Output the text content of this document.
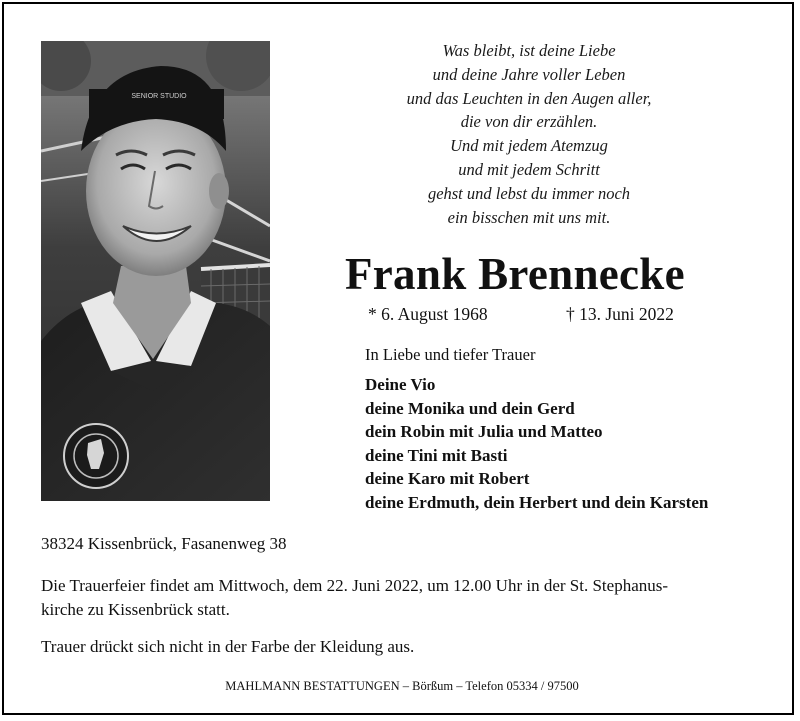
SENIOR STUDIO
Was bleibt, ist deine Liebe
und deine Jahre voller Leben
und das Leuchten in den Augen aller,
die von dir erzählen.
Und mit jedem Atemzug
und mit jedem Schritt
gehst und lebst du immer noch
ein bisschen mit uns mit.
Frank Brennecke
* 6. August 1968	† 13. Juni 2022
In Liebe und tiefer Trauer
Deine Vio
deine Monika und dein Gerd
dein Robin mit Julia und Matteo
deine Tini mit Basti
deine Karo mit Robert
deine Erdmuth, dein Herbert und dein Karsten
38324 Kissenbrück, Fasanenweg 38
Die Trauerfeier findet am Mittwoch, dem 22. Juni 2022, um 12.00 Uhr in der St. Stephanus-
kirche zu Kissenbrück statt.
Trauer drückt sich nicht in der Farbe der Kleidung aus.
MAHLMANN BESTATTUNGEN – Börßum – Telefon 05334 / 97500
